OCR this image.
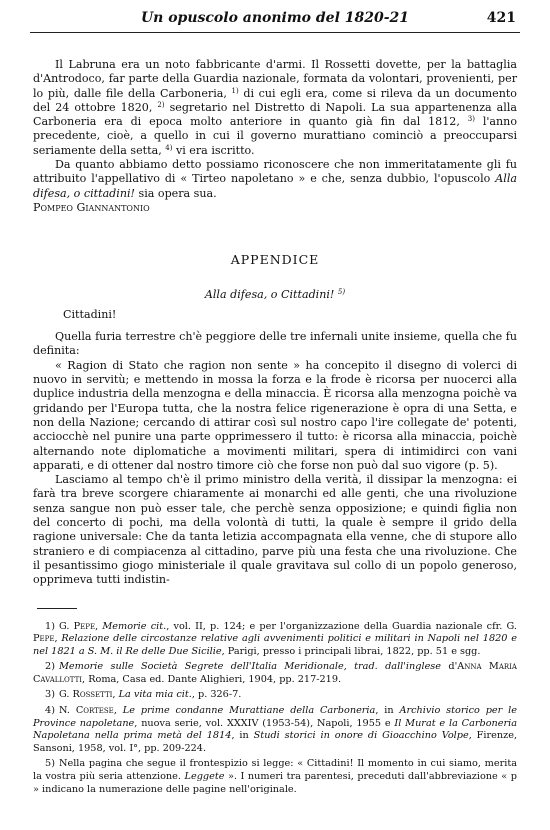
Un opuscolo anonimo del 1820-21	421

Il Labruna era un noto fabbricante d'armi. Il Rossetti dovette, per la battaglia d'Antrodoco, far parte della Guardia nazionale, formata da volontari, provenienti, per lo più, dalle file della Carboneria, $^{1)}$ di cui egli era, come si rileva da un documento del 24 ottobre 1820, $^{2)}$ segretario nel Distretto di Napoli. La sua appartenenza alla Carboneria era di epoca molto anteriore in quanto già fin dal 1812, $^{3)}$ l'anno precedente, cioè, a quello in cui il governo murattiano cominciò a preoccuparsi seriamente della setta, $^{4)}$ vi era iscritto.

Da quanto abbiamo detto possiamo riconoscere che non immeritatamente gli fu attribuito l'appellativo di « Tirteo napoletano » e che, senza dubbio, l'opuscolo Alla difesa, o cittadini! sia opera sua.

Pompeo Giannantonio

APPENDICE
Alla difesa, o Cittadini! $^{5)}$
Cittadini!

Quella furia terrestre ch'è peggiore delle tre infernali unite insieme, quella che fu definita:

« Ragion di Stato che ragion non sente » ha concepito il disegno di volerci di nuovo in servitù; e mettendo in mossa la forza e la frode è ricorsa per nuocerci alla duplice industria della menzogna e della minaccia. È ricorsa alla menzogna poichè va gridando per l'Europa tutta, che la nostra felice rigenerazione è opra di una Setta, e non della Nazione; cercando di attirar così sul nostro capo l'ire collegate de' potenti, acciocchè nel punire una parte opprimessero il tutto: è ricorsa alla minaccia, poichè alternando note diplomatiche a movimenti militari, spera di intimidirci con vani apparati, e di ottener dal nostro timore ciò che forse non può dal suo vigore (p. 5).

Lasciamo al tempo ch'è il primo ministro della verità, il dissipar la menzogna: ei farà tra breve scorgere chiaramente ai monarchi ed alle genti, che una rivoluzione senza sangue non può esser tale, che perchè senza opposizione; e quindi figlia non del concerto di pochi, ma della volontà di tutti, la quale è sempre il grido della ragione universale: Che da tanta letizia accompagnata ella venne, che di stupore allo straniero e di compiacenza al cittadino, parve più una festa che una rivoluzione. Che il pesantissimo giogo ministeriale il quale gravitava sul collo di un popolo generoso, opprimeva tutti indistin-

1) G. Pepe, Memorie cit., vol. II, p. 124; e per l'organizzazione della Guardia nazionale cfr. G. Pepe, Relazione delle circostanze relative agli avvenimenti politici e militari in Napoli nel 1820 e nel 1821 a S. M. il Re delle Due Sicilie, Parigi, presso i principali librai, 1822, pp. 51 e sgg.

2) Memorie sulle Società Segrete dell'Italia Meridionale, trad. dall'inglese d'Anna Maria Cavallotti, Roma, Casa ed. Dante Alighieri, 1904, pp. 217-219.

3) G. Rossetti, La vita mia cit., p. 326-7.

4) N. Cortese, Le prime condanne Murattiane della Carboneria, in Archivio storico per le Province napoletane, nuova serie, vol. XXXIV (1953-54), Napoli, 1955 e Il Murat e la Carboneria Napoletana nella prima metà del 1814, in Studi storici in onore di Gioacchino Volpe, Firenze, Sansoni, 1958, vol. I°, pp. 209-224.

5) Nella pagina che segue il frontespizio si legge: « Cittadini! Il momento in cui siamo, merita la vostra più seria attenzione. Leggete ». I numeri tra parentesi, preceduti dall'abbreviazione « p » indicano la numerazione delle pagine nell'originale.
